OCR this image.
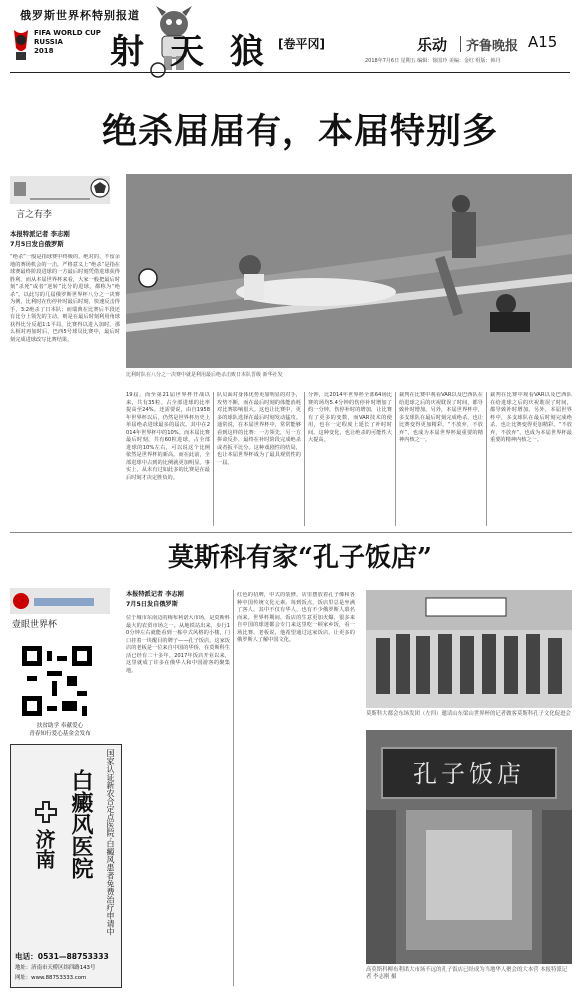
俄罗斯世界杯特别报道
FIFA WORLD CUP
RUSSIA
2018	射天狼
[卷平冈]	乐动 齐鲁晚报 A15
2018年7月6日 星期五 编辑：徐国玲 美编：金红 组版：韩丹
绝杀届届有，本届特别多
言之有李
本报特派记者 李志刚
7月5日发自俄罗斯
“绝杀”一般是指球赛中终极的、绝对的、不留余地的赛场机会的一击。严格意义上“绝杀”是指在球赛最终阶段进球的一方最后时刻凭借进球获得胜利。而从本届世界杯来看，大家一般把最后时刻“杀死”或者“逆转”比分的进球，都称为“绝杀”。以此写的几届俄罗斯世界杯八分之一决赛为例，比利时在伤停补时最后时刻，快速反击得手，3:2绝杀了日本队；而瑞典在比赛后半段还有比分上领先的主动，则是在最后时刻利用角球获得比分反超1:1平局，比赛得以进入加时。那么相对再加时后，巴西5号球员比赛中，最后时刻完成进球改写比赛结果。
比利时队在八分之一决赛中就是利用最后绝杀击败日本队晋级 新华社发
19届，而至第21届世界杯开战以来，共有35粒。占全部进球的比率提高至24%。还需要说，由自1958年世界杯以后，仍然是世界杯历史上单届绝杀进球最多的届次。其中在2014年世界杯中的10%。而本届比赛最后时刻，共有60粒进球，占全部进球的10%左右，可以说这个比例依然是世界杯的新高。而在此前，全部进球中占到的比例就更加明显。事实上，从未有过如此多的比赛是在最后时刻才决定胜负的。
队员面对身体优势更加明显的对手，攻势不断，而在最后时刻的体能消耗对比赛影响很大。这也让比赛中，更多的球队选择在最后时刻发动猛攻。通常说，在本届世界杯中，常常能够看到这样的比赛：一方领先，另一方拼命反扑，最终在补时阶段完成绝杀或者扳平比分。这种戏剧性的结局，也让本届世界杯成为了最具观赏性的一届。
分钟，比2014年世界杯全部64场比赛的场均5.4分钟的伤停补时增加了约一分钟。伤停补时的增加，让比赛有了更多的变数，而VAR技术的使用，也在一定程度上延长了补时时间。这种变化，也让绝杀的可能性大大提高。
裁判在比赛中观看VAR以及巴西队在给进球之后的庆祝耽误了时间，都导致补时增加。另外，本届世界杯中，多支球队在最后时刻完成绝杀，也让比赛变得更加精彩。“不放弃，不放弃”，也成为本届世界杯最重要的精神内核之一。
裁判在比赛中观看VAR以及巴西队在给进球之后的庆祝耽误了时间，都导致补时增加。另外，本届世界杯中，多支球队在最后时刻完成绝杀，也让比赛变得更加精彩。“不放弃，不放弃”，也成为本届世界杯最重要的精神内核之一。
莫斯科有家“孔子饭店”
壹眼世界杯
扶贫助学 奉献爱心
青春知行爱心基金会发布
国家认证新农合定点医院·白癜风患者免费治疗申请中
白癜风医院
济南
电话：0531—88753333
地址：济南市天桥区纬四路143号
网址：www.88753333.com
本报特派记者 李志刚
7月5日发自俄罗斯
位于城市东南边的梅布利诺大市场，是莫斯科最大的农贸市场之一。从地铁站出来，步行10分钟左右就能看到一栋中式风格的小楼，门口挂着一块醒目的牌子——孔子饭店。这家饭店的老板是一位来自中国的华侨，在莫斯科生活已经有二十多年。2017年饭店开业以来，这里就成了许多在俄华人和中国游客的聚集地。
红色的招牌，中式的装修，店里摆放着孔子像和各种中国传统文化元素。每到饭点，饭店里总是坐满了客人，其中不仅有华人，也有不少俄罗斯人慕名而来。世界杯期间，饭店的生意更加火爆，很多来自中国的球迷都会专门来这里吃一顿家乡饭，看一场比赛。老板说，他希望通过这家饭店，让更多的俄罗斯人了解中国文化。
莫斯科大都会东场发团（左四）邀请山东梁山世界杯的记者做客莫斯科孔子文化促进会
孔子饭店
高莫斯科柳布利诺大市场不远的孔子饭店已经成为当地华人聚会的大本营 本报特派记者 李志刚 摄
